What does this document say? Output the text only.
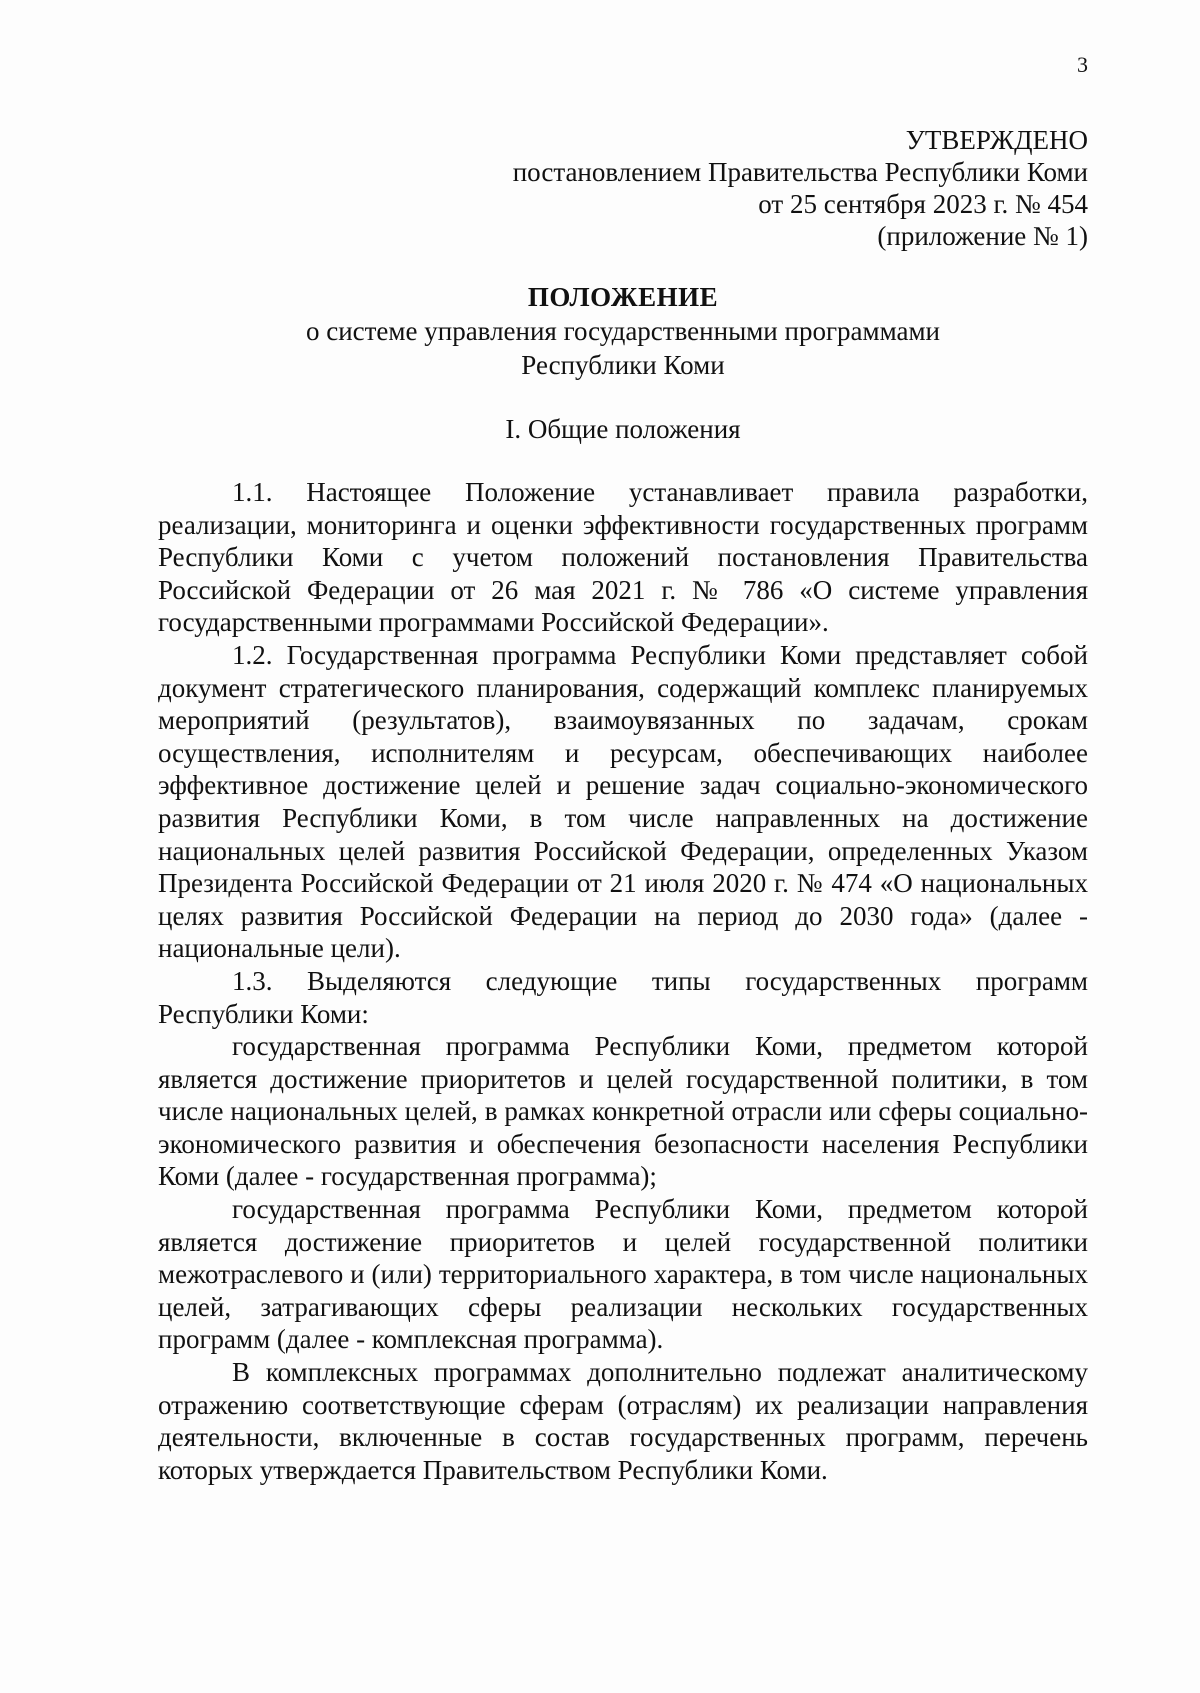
3
УТВЕРЖДЕНО
постановлением Правительства Республики Коми
от 25 сентября 2023 г. № 454
(приложение № 1)
ПОЛОЖЕНИЕ
о системе управления государственными программами
Республики Коми
I. Общие положения

1.1. Настоящее Положение устанавливает правила разработки, реализации, мониторинга и оценки эффективности государственных программ Республики Коми с учетом положений постановления Правительства Российской Федерации от 26 мая 2021 г. № 786 «О системе управления государственными программами Российской Федерации».

1.2. Государственная программа Республики Коми представляет собой документ стратегического планирования, содержащий комплекс планируемых мероприятий (результатов), взаимоувязанных по задачам, срокам осуществления, исполнителям и ресурсам, обеспечивающих наиболее эффективное достижение целей и решение задач социально-экономического развития Республики Коми, в том числе направленных на достижение национальных целей развития Российской Федерации, определенных Указом Президента Российской Федерации от 21 июля 2020 г. № 474 «О национальных целях развития Российской Федерации на период до 2030 года» (далее - национальные цели).

1.3. Выделяются следующие типы государственных программ Республики Коми:

государственная программа Республики Коми, предметом которой является достижение приоритетов и целей государственной политики, в том числе национальных целей, в рамках конкретной отрасли или сферы социально-экономического развития и обеспечения безопасности населения Республики Коми (далее - государственная программа);

государственная программа Республики Коми, предметом которой является достижение приоритетов и целей государственной политики межотраслевого и (или) территориального характера, в том числе национальных целей, затрагивающих сферы реализации нескольких государственных программ (далее - комплексная программа).

В комплексных программах дополнительно подлежат аналитическому отражению соответствующие сферам (отраслям) их реализации направления деятельности, включенные в состав государственных программ, перечень которых утверждается Правительством Республики Коми.
